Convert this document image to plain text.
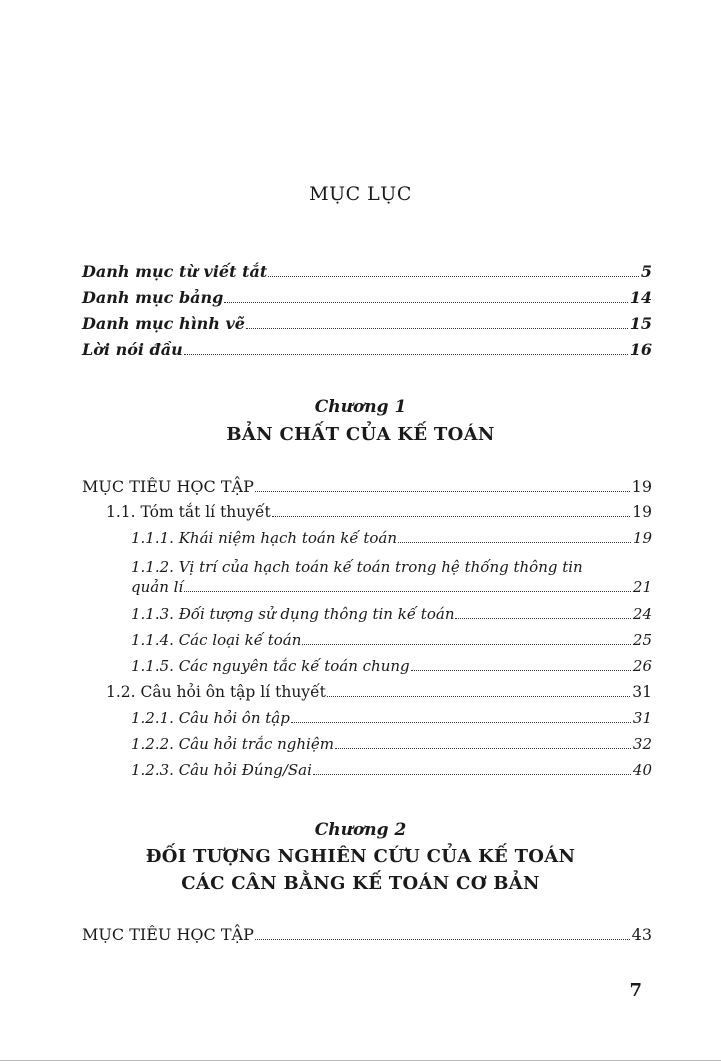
MỤC LỤC
Danh mục từ viết tắt	5
Danh mục bảng	14
Danh mục hình vẽ	15
Lời nói đầu	16
Chương 1
BẢN CHẤT CỦA KẾ TOÁN
MỤC TIÊU HỌC TẬP	19
1.1. Tóm tắt lí thuyết	19
1.1.1. Khái niệm hạch toán kế toán	19
1.1.2. Vị trí của hạch toán kế toán trong hệ thống thông tin
quản lí	21
1.1.3. Đối tượng sử dụng thông tin kế toán	24
1.1.4. Các loại kế toán	25
1.1.5. Các nguyên tắc kế toán chung	26
1.2. Câu hỏi ôn tập lí thuyết	31
1.2.1. Câu hỏi ôn tập	31
1.2.2. Câu hỏi trắc nghiệm	32
1.2.3. Câu hỏi Đúng/Sai	40
Chương 2
ĐỐI TƯỢNG NGHIÊN CỨU CỦA KẾ TOÁN
CÁC CÂN BẰNG KẾ TOÁN CƠ BẢN
MỤC TIÊU HỌC TẬP	43
7
